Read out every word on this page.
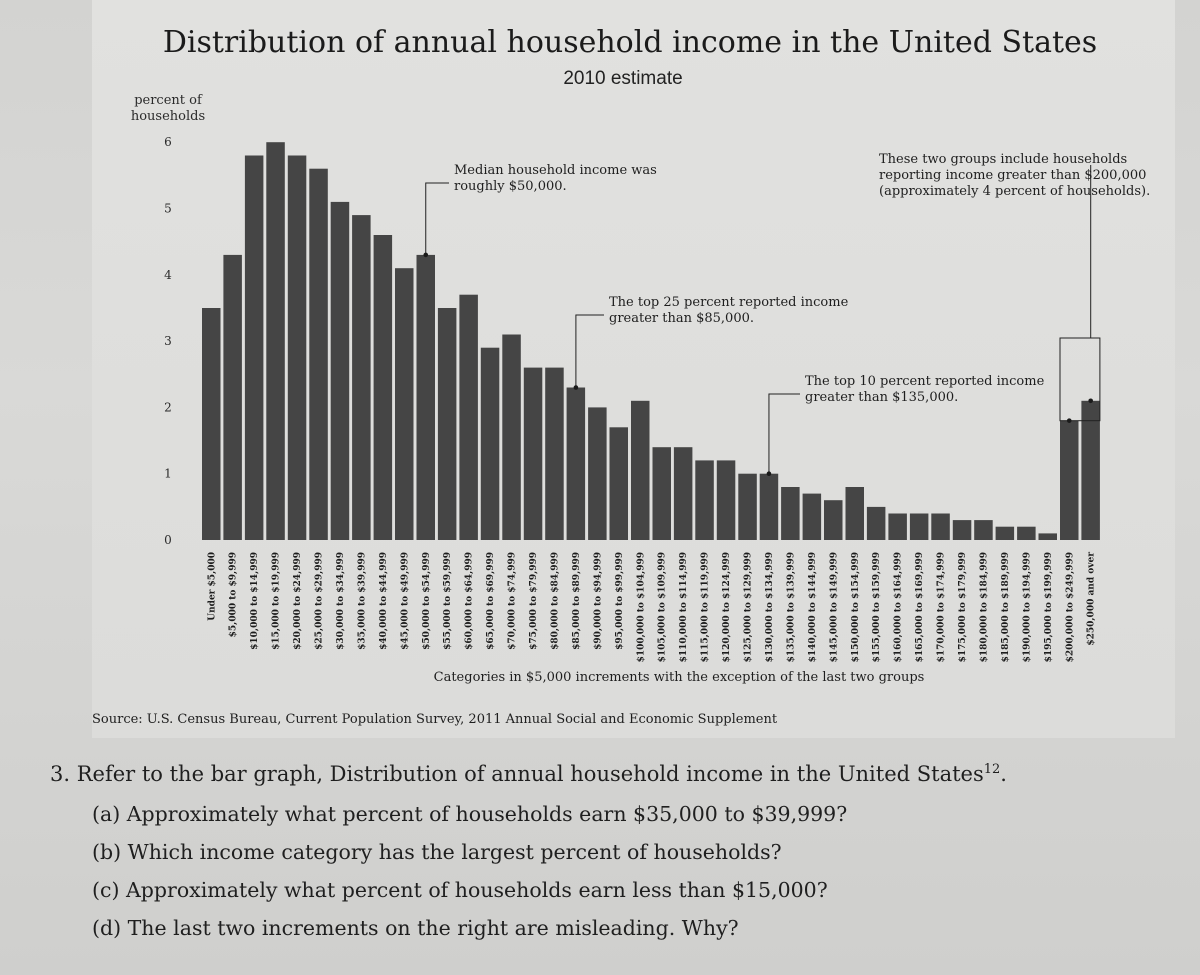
Distribution of annual household income in the United States
2010 estimate
percent of
households
0
1
2
3
4
5
6
Under $5,000 $5,000 to $9,999 $10,000 to $14,999 $15,000 to $19,999 $20,000 to $24,999 $25,000 to $29,999 $30,000 to $34,999 $35,000 to $39,999 $40,000 to $44,999 $45,000 to $49,999 $50,000 to $54,999 $55,000 to $59,999 $60,000 to $64,999 $65,000 to $69,999 $70,000 to $74,999 $75,000 to $79,999 $80,000 to $84,999 $85,000 to $89,999 $90,000 to $94,999 $95,000 to $99,999 $100,000 to $104,999 $105,000 to $109,999 $110,000 to $114,999 $115,000 to $119,999 $120,000 to $124,999 $125,000 to $129,999 $130,000 to $134,999 $135,000 to $139,999 $140,000 to $144,999 $145,000 to $149,999 $150,000 to $154,999 $155,000 to $159,999 $160,000 to $164,999 $165,000 to $169,999 $170,000 to $174,999 $175,000 to $179,999 $180,000 to $184,999 $185,000 to $189,999 $190,000 to $194,999 $195,000 to $199,999 $200,000 to $249,999 $250,000 and over
Median household income was
roughly $50,000.
The top 25 percent reported income
greater than $85,000.
The top 10 percent reported income
greater than $135,000.
These two groups include households
reporting income greater than $200,000
(approximately 4 percent of households).
Categories in $5,000 increments with the exception of the last two groups
Source: U.S. Census Bureau, Current Population Survey, 2011 Annual Social and Economic Supplement
3. Refer to the bar graph, Distribution of annual household income in the United States$^{12}$.
(a) Approximately what percent of households earn $35,000 to $39,999?
(b) Which income category has the largest percent of households?
(c) Approximately what percent of households earn less than $15,000?
(d) The last two increments on the right are misleading. Why?
